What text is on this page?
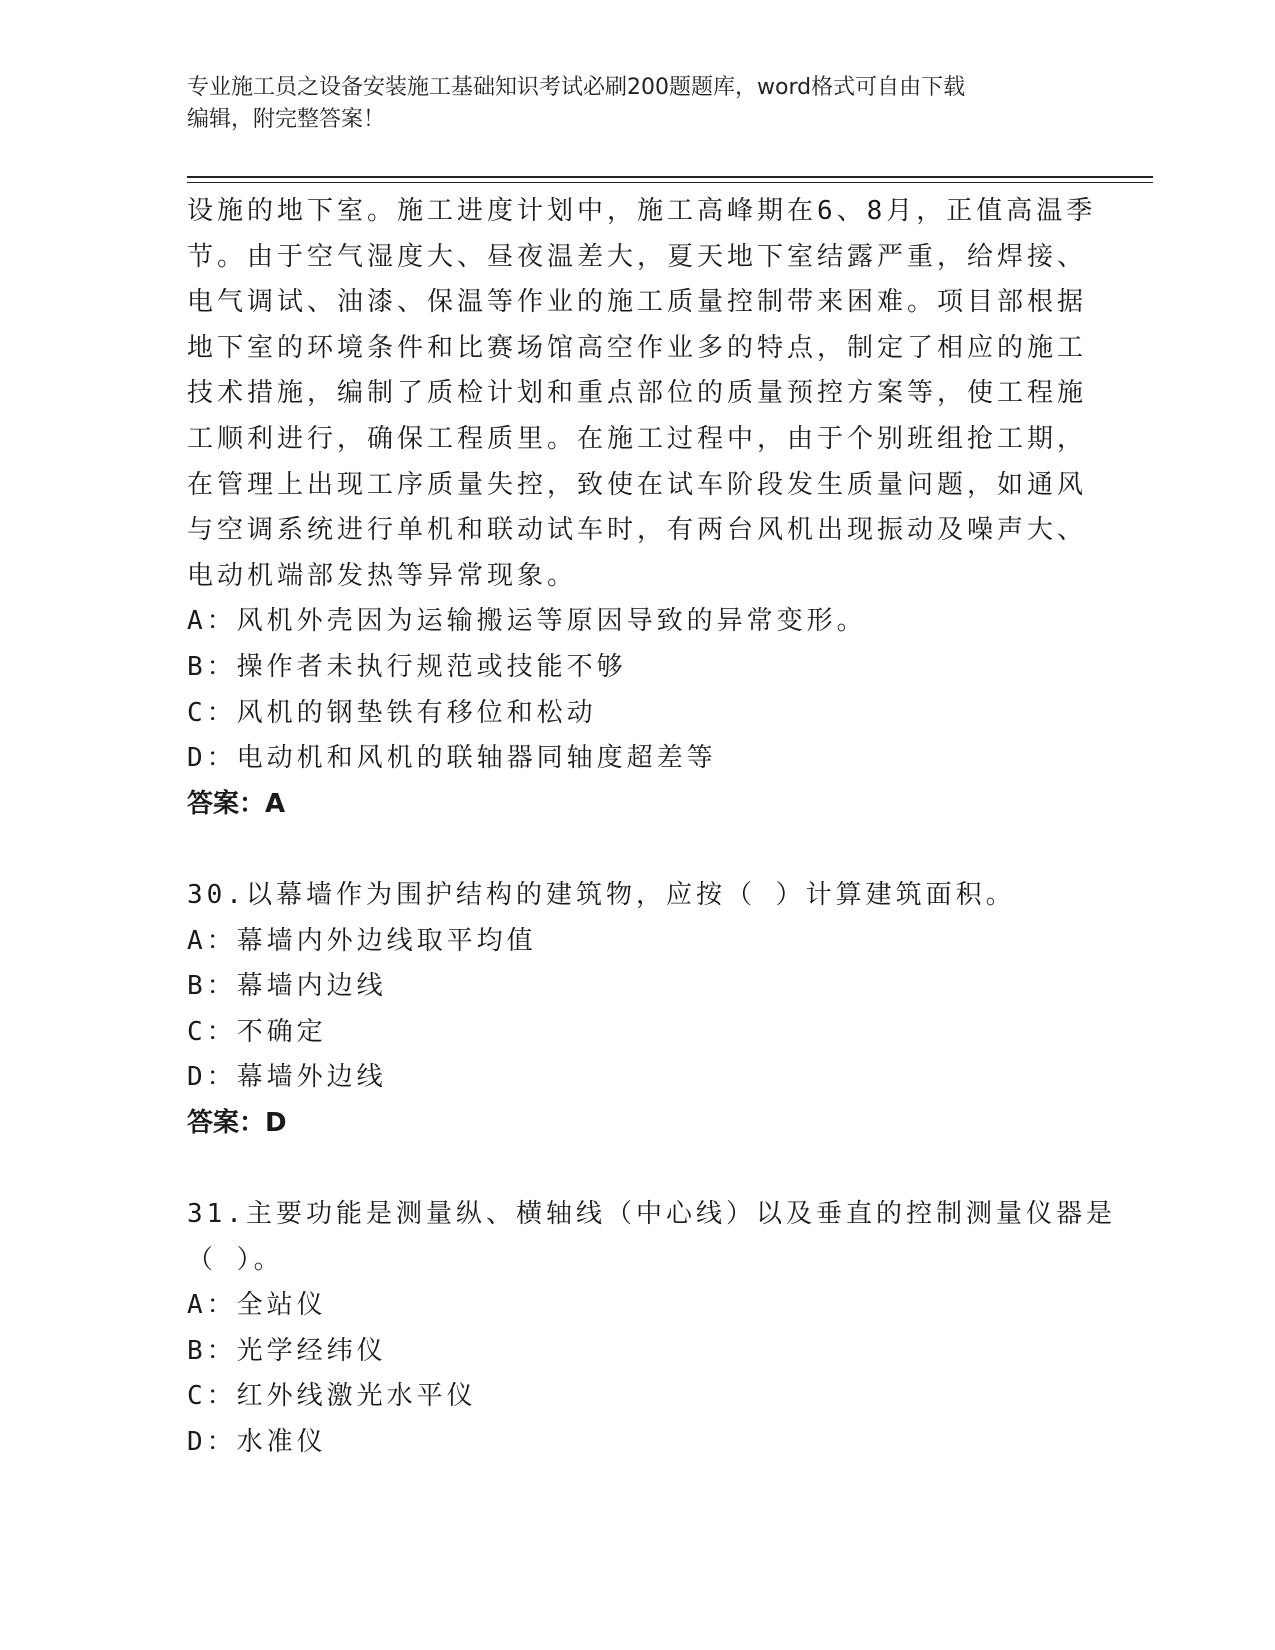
专业施工员之设备安装施工基础知识考试必刷200题题库，word格式可自由下载
编辑，附完整答案！
设施的地下室。施工进度计划中，施工高峰期在6、8月，正值高温季
节。由于空气湿度大、昼夜温差大，夏天地下室结露严重，给焊接、
电气调试、油漆、保温等作业的施工质量控制带来困难。项目部根据
地下室的环境条件和比赛场馆高空作业多的特点，制定了相应的施工
技术措施，编制了质检计划和重点部位的质量预控方案等，使工程施
工顺利进行，确保工程质里。在施工过程中，由于个别班组抢工期，
在管理上出现工序质量失控，致使在试车阶段发生质量问题，如通风
与空调系统进行单机和联动试车时，有两台风机出现振动及噪声大、
电动机端部发热等异常现象。
A：风机外壳因为运输搬运等原因导致的异常变形。
B：操作者未执行规范或技能不够
C：风机的钢垫铁有移位和松动
D：电动机和风机的联轴器同轴度超差等
答案：A
30.以幕墙作为围护结构的建筑物，应按（ ）计算建筑面积。
A：幕墙内外边线取平均值
B：幕墙内边线
C：不确定
D：幕墙外边线
答案：D
31.主要功能是测量纵、横轴线（中心线）以及垂直的控制测量仪器是
（ ）。
A：全站仪
B：光学经纬仪
C：红外线激光水平仪
D：水准仪
